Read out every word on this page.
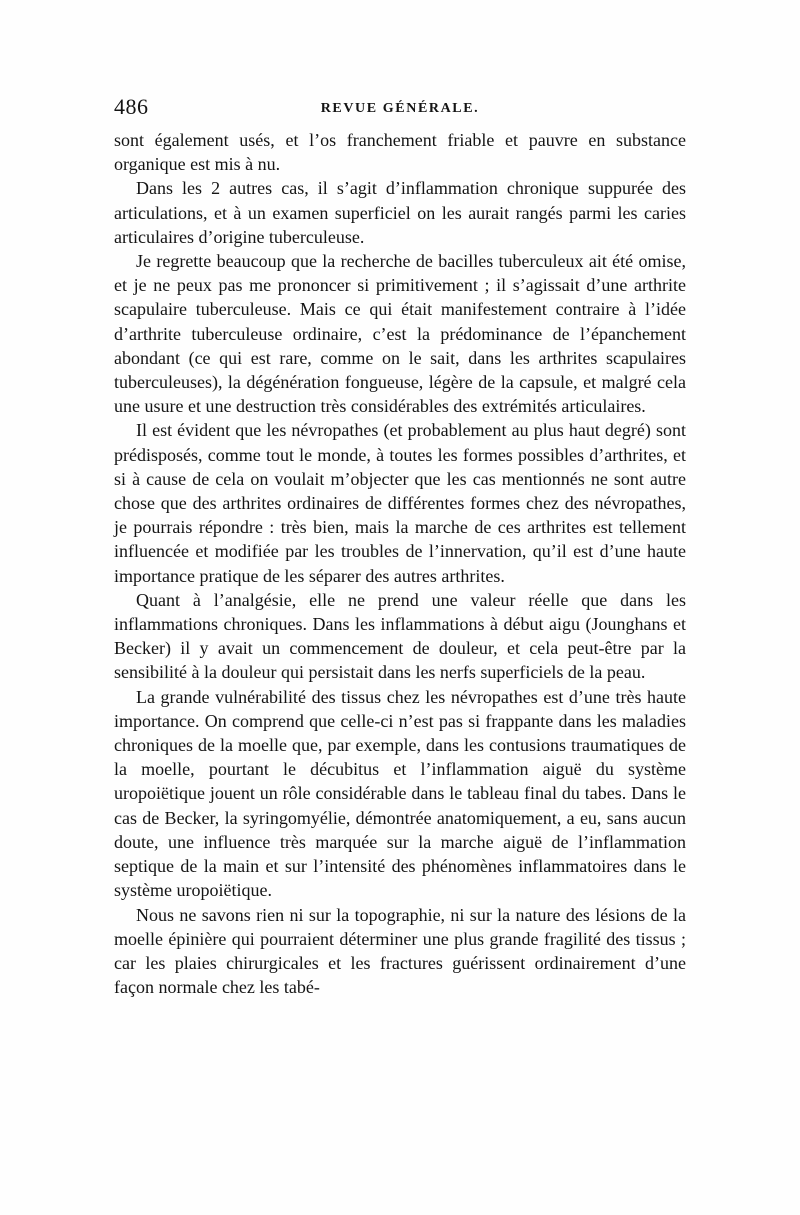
486	REVUE GÉNÉRALE.

sont également usés, et l’os franchement friable et pauvre en substance organique est mis à nu.

Dans les 2 autres cas, il s’agit d’inflammation chronique suppurée des articulations, et à un examen superficiel on les aurait rangés parmi les caries articulaires d’origine tuberculeuse.

Je regrette beaucoup que la recherche de bacilles tuberculeux ait été omise, et je ne peux pas me prononcer si primitivement ; il s’agissait d’une arthrite scapulaire tuberculeuse. Mais ce qui était manifestement contraire à l’idée d’arthrite tuberculeuse ordinaire, c’est la prédominance de l’épanchement abondant (ce qui est rare, comme on le sait, dans les arthrites scapulaires tuberculeuses), la dégénération fongueuse, légère de la capsule, et malgré cela une usure et une destruction très considérables des extrémités articulaires.

Il est évident que les névropathes (et probablement au plus haut degré) sont prédisposés, comme tout le monde, à toutes les formes possibles d’arthrites, et si à cause de cela on voulait m’objecter que les cas mentionnés ne sont autre chose que des arthrites ordinaires de différentes formes chez des névropathes, je pourrais répondre : très bien, mais la marche de ces arthrites est tellement influencée et modifiée par les troubles de l’innervation, qu’il est d’une haute importance pratique de les séparer des autres arthrites.

Quant à l’analgésie, elle ne prend une valeur réelle que dans les inflammations chroniques. Dans les inflammations à début aigu (Jounghans et Becker) il y avait un commencement de douleur, et cela peut-être par la sensibilité à la douleur qui persistait dans les nerfs superficiels de la peau.

La grande vulnérabilité des tissus chez les névropathes est d’une très haute importance. On comprend que celle-ci n’est pas si frappante dans les maladies chroniques de la moelle que, par exemple, dans les contusions traumatiques de la moelle, pourtant le décubitus et l’inflammation aiguë du système uropoiëtique jouent un rôle considérable dans le tableau final du tabes. Dans le cas de Becker, la syringomyélie, démontrée anatomiquement, a eu, sans aucun doute, une influence très marquée sur la marche aiguë de l’inflammation septique de la main et sur l’intensité des phénomènes inflammatoires dans le système uropoiëtique.

Nous ne savons rien ni sur la topographie, ni sur la nature des lésions de la moelle épinière qui pourraient déterminer une plus grande fragilité des tissus ; car les plaies chirurgicales et les fractures guérissent ordinairement d’une façon normale chez les tabé-
